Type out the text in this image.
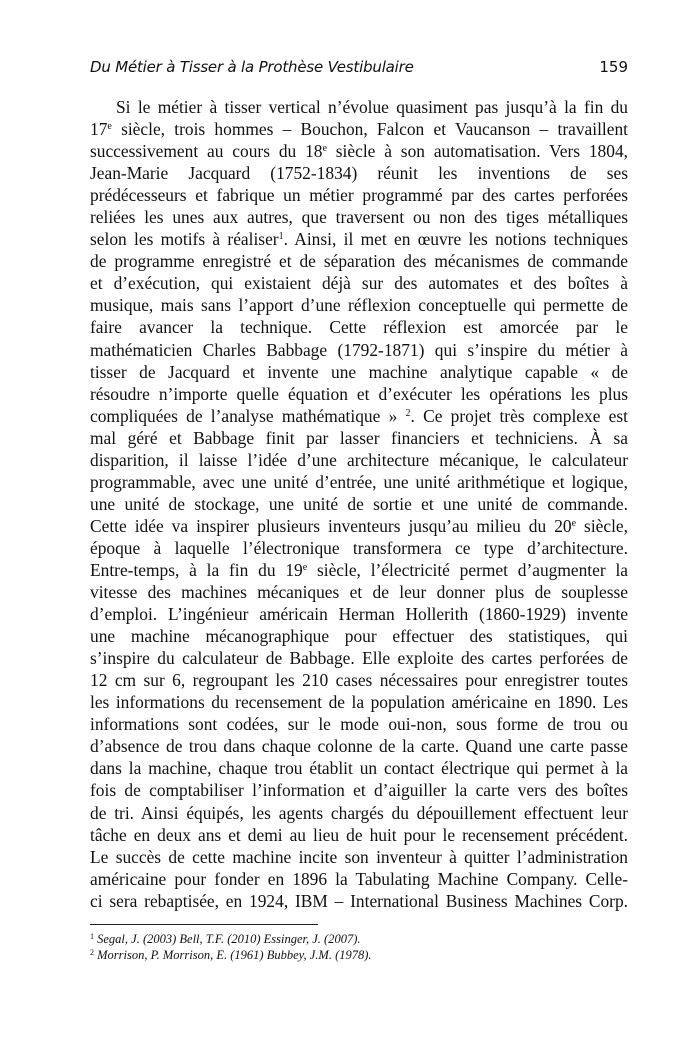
Du Métier à Tisser à la Prothèse Vestibulaire	159
Si le métier à tisser vertical n’évolue quasiment pas jusqu’à la fin du
17e siècle, trois hommes – Bouchon, Falcon et Vaucanson – travaillent
successivement au cours du 18e siècle à son automatisation. Vers 1804,
Jean-Marie Jacquard (1752-1834) réunit les inventions de ses
prédécesseurs et fabrique un métier programmé par des cartes perforées
reliées les unes aux autres, que traversent ou non des tiges métalliques
selon les motifs à réaliser$^1$. Ainsi, il met en œuvre les notions techniques
de programme enregistré et de séparation des mécanismes de commande
et d’exécution, qui existaient déjà sur des automates et des boîtes à
musique, mais sans l’apport d’une réflexion conceptuelle qui permette de
faire avancer la technique. Cette réflexion est amorcée par le
mathématicien Charles Babbage (1792-1871) qui s’inspire du métier à
tisser de Jacquard et invente une machine analytique capable « de
résoudre n’importe quelle équation et d’exécuter les opérations les plus
compliquées de l’analyse mathématique » $^2$. Ce projet très complexe est
mal géré et Babbage finit par lasser financiers et techniciens. À sa
disparition, il laisse l’idée d’une architecture mécanique, le calculateur
programmable, avec une unité d’entrée, une unité arithmétique et logique,
une unité de stockage, une unité de sortie et une unité de commande.
Cette idée va inspirer plusieurs inventeurs jusqu’au milieu du 20e siècle,
époque à laquelle l’électronique transformera ce type d’architecture.
Entre-temps, à la fin du 19e siècle, l’électricité permet d’augmenter la
vitesse des machines mécaniques et de leur donner plus de souplesse
d’emploi. L’ingénieur américain Herman Hollerith (1860-1929) invente
une machine mécanographique pour effectuer des statistiques, qui
s’inspire du calculateur de Babbage. Elle exploite des cartes perforées de
12 cm sur 6, regroupant les 210 cases nécessaires pour enregistrer toutes
les informations du recensement de la population américaine en 1890. Les
informations sont codées, sur le mode oui-non, sous forme de trou ou
d’absence de trou dans chaque colonne de la carte. Quand une carte passe
dans la machine, chaque trou établit un contact électrique qui permet à la
fois de comptabiliser l’information et d’aiguiller la carte vers des boîtes
de tri. Ainsi équipés, les agents chargés du dépouillement effectuent leur
tâche en deux ans et demi au lieu de huit pour le recensement précédent.
Le succès de cette machine incite son inventeur à quitter l’administration
américaine pour fonder en 1896 la Tabulating Machine Company. Celle-
ci sera rebaptisée, en 1924, IBM – International Business Machines Corp.
$^1$ Segal, J. (2003) Bell, T.F. (2010) Essinger, J. (2007).
$^2$ Morrison, P. Morrison, E. (1961) Bubbey, J.M. (1978).
